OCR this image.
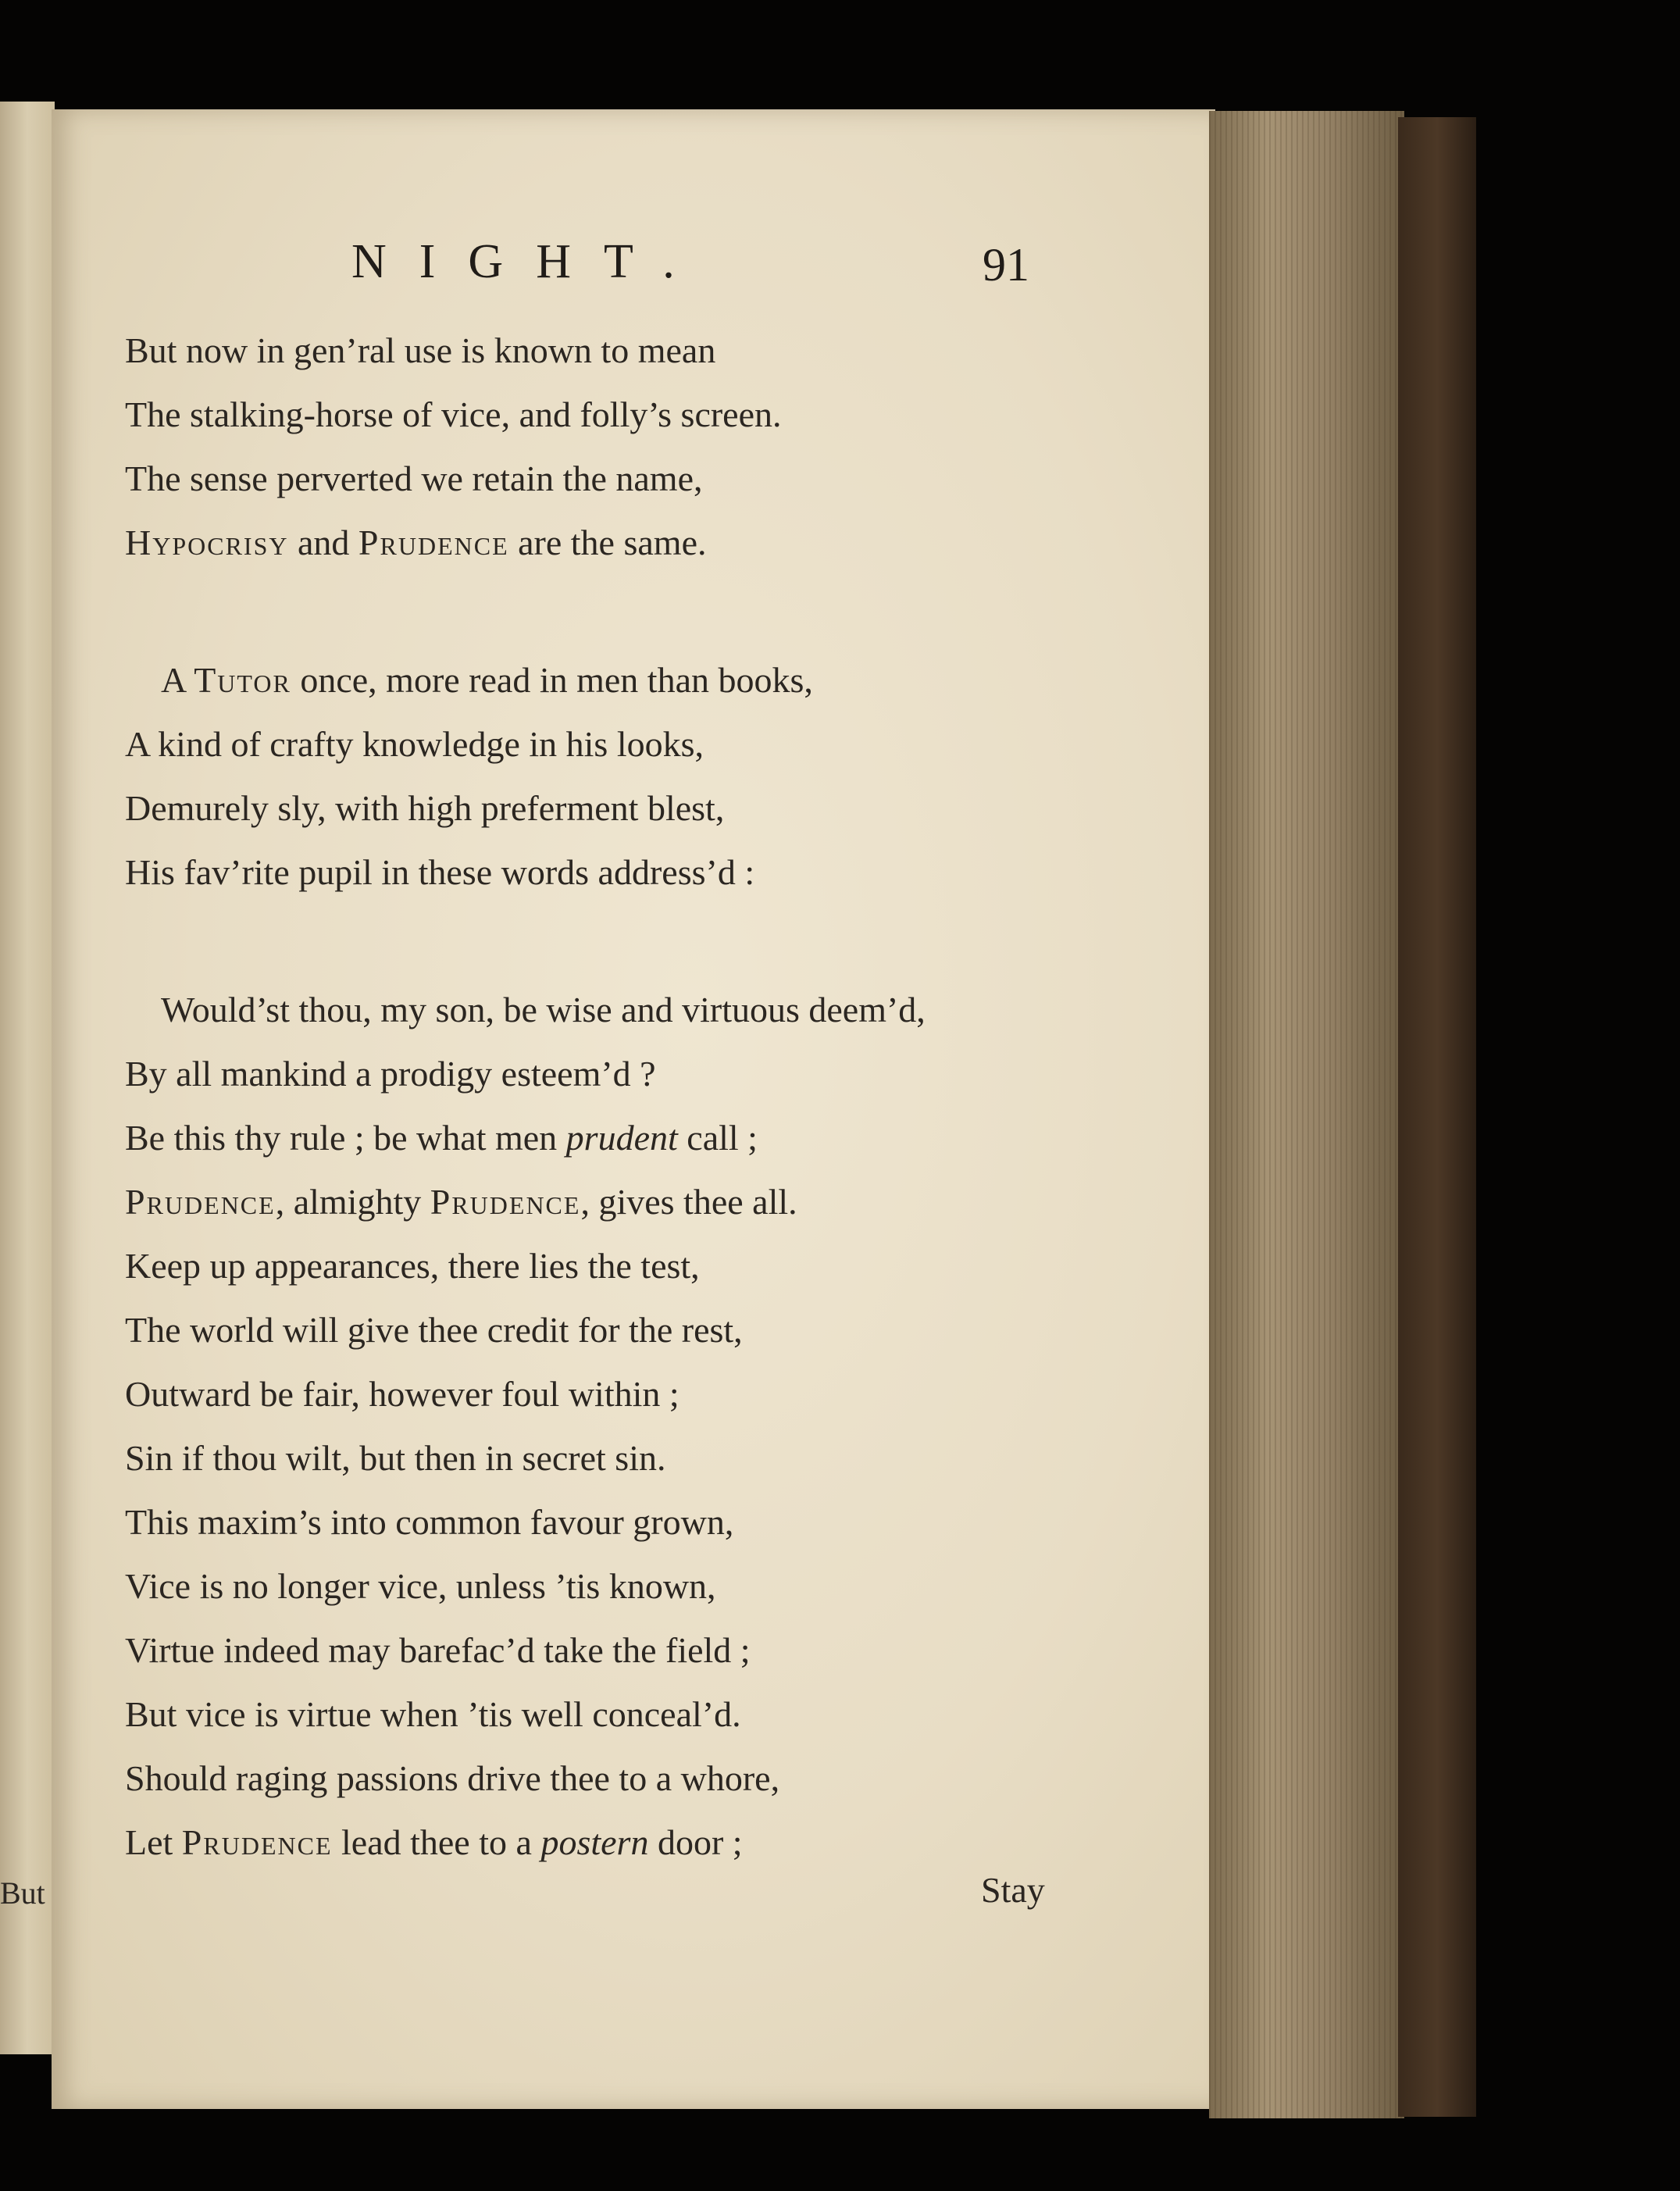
But
NIGHT.	91
But now in gen’ral use is known to mean
The stalking-horse of vice, and folly’s screen.
The sense perverted we retain the name,
Hypocrisy and Prudence are the same.
A Tutor once, more read in men than books,
A kind of crafty knowledge in his looks,
Demurely sly, with high preferment blest,
His fav’rite pupil in these words address’d :
Would’st thou, my son, be wise and virtuous deem’d,
By all mankind a prodigy esteem’d ?
Be this thy rule ; be what men prudent call ;
Prudence, almighty Prudence, gives thee all.
Keep up appearances, there lies the test,
The world will give thee credit for the rest,
Outward be fair, however foul within ;
Sin if thou wilt, but then in secret sin.
This maxim’s into common favour grown,
Vice is no longer vice, unless ’tis known,
Virtue indeed may barefac’d take the field ;
But vice is virtue when ’tis well conceal’d.
Should raging passions drive thee to a whore,
Let Prudence lead thee to a postern door ;
Stay
